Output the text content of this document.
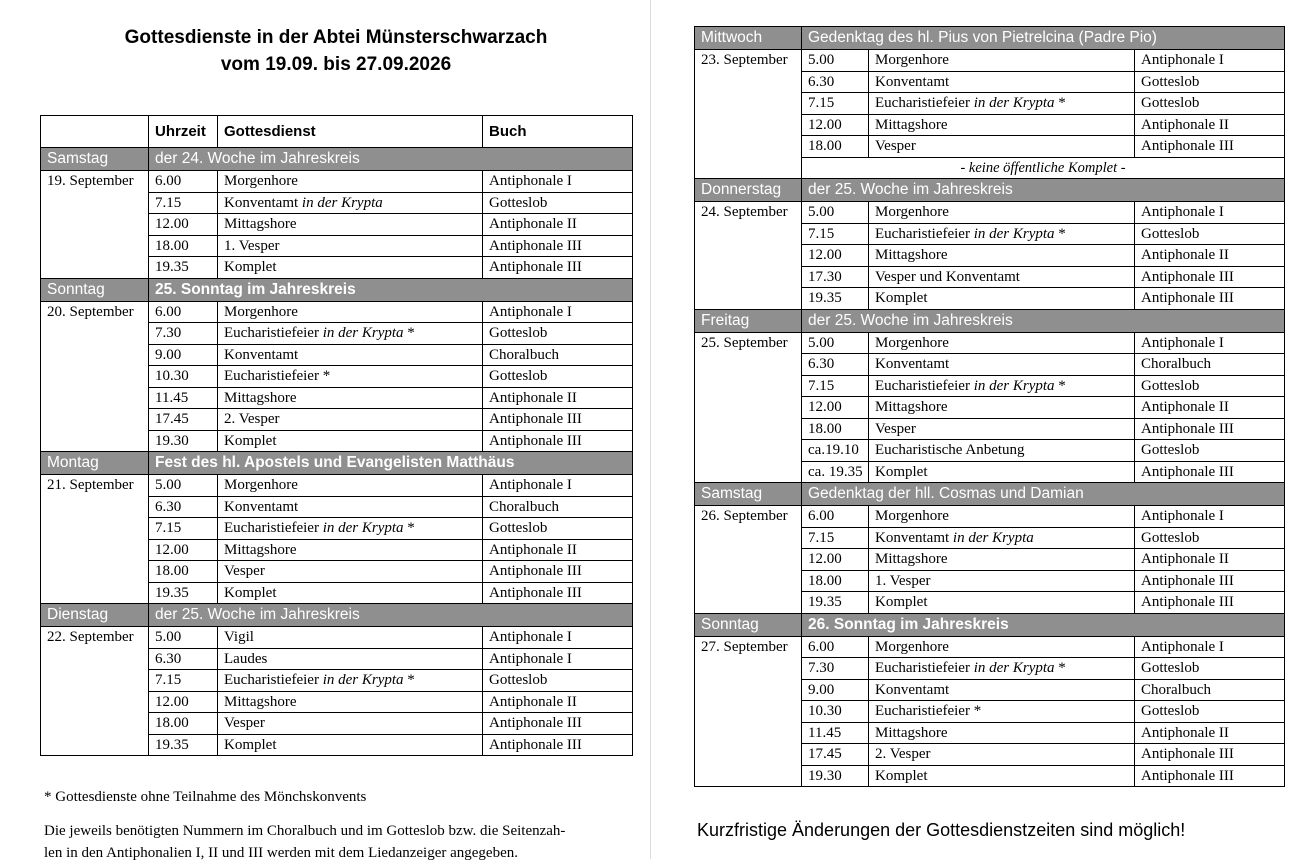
Gottesdienste in der Abtei Münsterschwarzach
vom 19.09. bis 27.09.2026
	Uhrzeit	Gottesdienst	Buch
Samstag	der 24. Woche im Jahreskreis		
19. September	6.00	Morgenhore	Antiphonale I
	7.15	Konventamt in der Krypta	Gotteslob
	12.00	Mittagshore	Antiphonale II
	18.00	1. Vesper	Antiphonale III
	19.35	Komplet	Antiphonale III
Sonntag	25. Sonntag im Jahreskreis		
20. September	6.00	Morgenhore	Antiphonale I
	7.30	Eucharistiefeier in der Krypta *	Gotteslob
	9.00	Konventamt	Choralbuch
	10.30	Eucharistiefeier *	Gotteslob
	11.45	Mittagshore	Antiphonale II
	17.45	2. Vesper	Antiphonale III
	19.30	Komplet	Antiphonale III
Montag	Fest des hl. Apostels und Evangelisten Matthäus		
21. September	5.00	Morgenhore	Antiphonale I
	6.30	Konventamt	Choralbuch
	7.15	Eucharistiefeier in der Krypta *	Gotteslob
	12.00	Mittagshore	Antiphonale II
	18.00	Vesper	Antiphonale III
	19.35	Komplet	Antiphonale III
Dienstag	der 25. Woche im Jahreskreis		
22. September	5.00	Vigil	Antiphonale I
	6.30	Laudes	Antiphonale I
	7.15	Eucharistiefeier in der Krypta *	Gotteslob
	12.00	Mittagshore	Antiphonale II
	18.00	Vesper	Antiphonale III
	19.35	Komplet	Antiphonale III
Mittwoch	Gedenktag des hl. Pius von Pietrelcina (Padre Pio)		
23. September	5.00	Morgenhore	Antiphonale I
	6.30	Konventamt	Gotteslob
	7.15	Eucharistiefeier in der Krypta *	Gotteslob
	12.00	Mittagshore	Antiphonale II
	18.00	Vesper	Antiphonale III
	- keine öffentliche Komplet -		
Donnerstag	der 25. Woche im Jahreskreis		
24. September	5.00	Morgenhore	Antiphonale I
	7.15	Eucharistiefeier in der Krypta *	Gotteslob
	12.00	Mittagshore	Antiphonale II
	17.30	Vesper und Konventamt	Antiphonale III
	19.35	Komplet	Antiphonale III
Freitag	der 25. Woche im Jahreskreis		
25. September	5.00	Morgenhore	Antiphonale I
	6.30	Konventamt	Choralbuch
	7.15	Eucharistiefeier in der Krypta *	Gotteslob
	12.00	Mittagshore	Antiphonale II
	18.00	Vesper	Antiphonale III
	ca.19.10	Eucharistische Anbetung	Gotteslob
	ca. 19.35	Komplet	Antiphonale III
Samstag	Gedenktag der hll. Cosmas und Damian		
26. September	6.00	Morgenhore	Antiphonale I
	7.15	Konventamt in der Krypta	Gotteslob
	12.00	Mittagshore	Antiphonale II
	18.00	1. Vesper	Antiphonale III
	19.35	Komplet	Antiphonale III
Sonntag	26. Sonntag im Jahreskreis		
27. September	6.00	Morgenhore	Antiphonale I
	7.30	Eucharistiefeier in der Krypta *	Gotteslob
	9.00	Konventamt	Choralbuch
	10.30	Eucharistiefeier *	Gotteslob
	11.45	Mittagshore	Antiphonale II
	17.45	2. Vesper	Antiphonale III
	19.30	Komplet	Antiphonale III
* Gottesdienste ohne Teilnahme des Mönchskonvents
Die jeweils benötigten Nummern im Choralbuch und im Gotteslob bzw. die Seitenzah-
len in den Antiphonalien I, II und III werden mit dem Liedanzeiger angegeben.
Kurzfristige Änderungen der Gottesdienstzeiten sind möglich!
